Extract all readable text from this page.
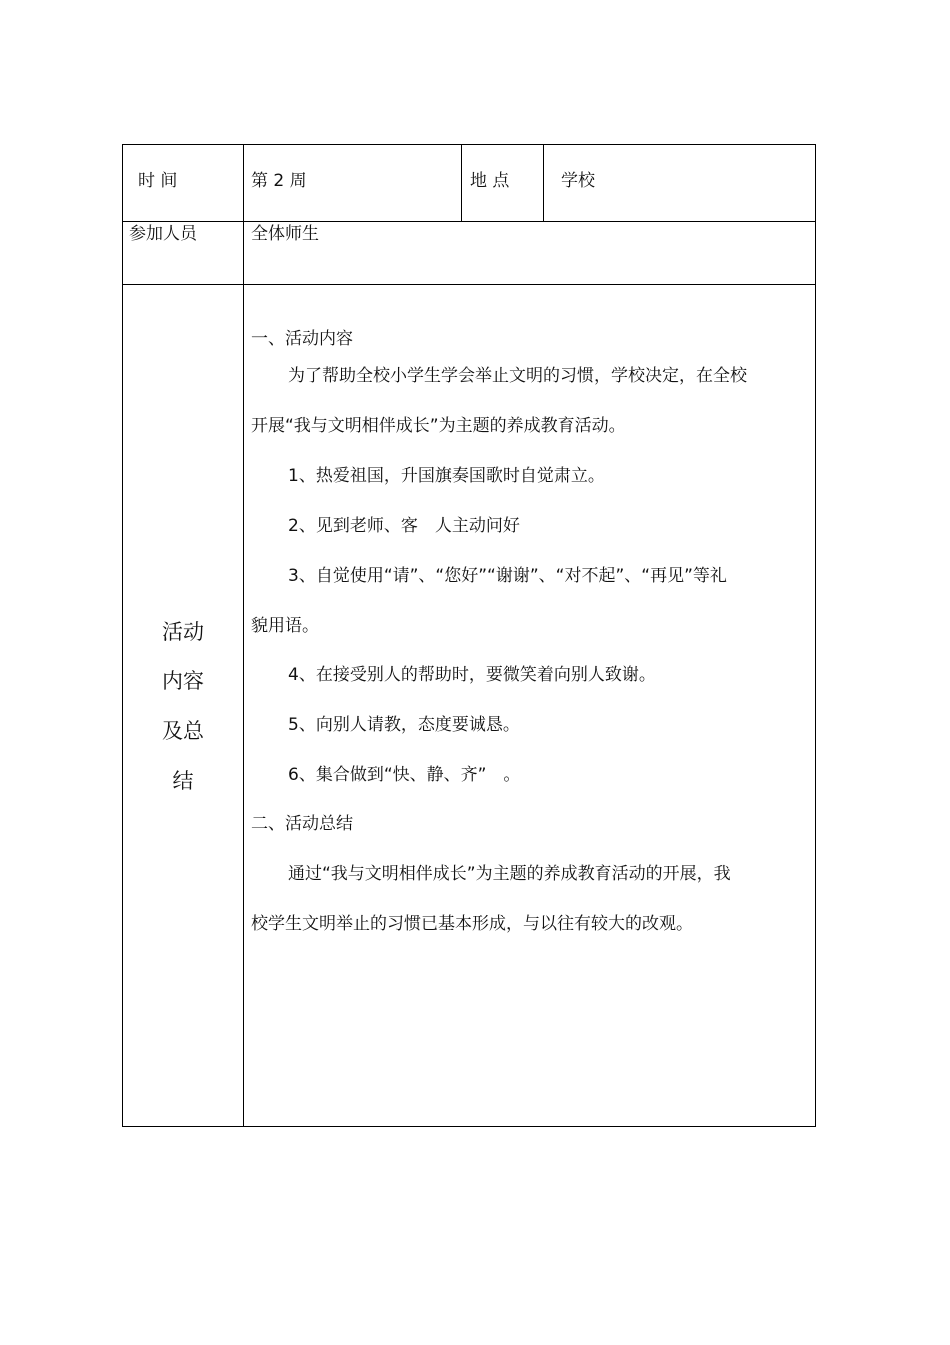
时 间	第 2 周	地 点	学校
参加人员	全体师生
活动
内容
及总
结
一、活动内容
为了帮助全校小学生学会举止文明的习惯，学校决定，在全校
开展“我与文明相伴成长”为主题的养成教育活动。
1、热爱祖国，升国旗奏国歌时自觉肃立。
2、见到老师、客　人主动问好
3、自觉使用“请”、“您好”“谢谢”、“对不起”、“再见”等礼
貌用语。
4、在接受别人的帮助时，要微笑着向别人致谢。
5、向别人请教，态度要诚恳。
6、集合做到“快、静、齐”　。
二、活动总结
通过“我与文明相伴成长”为主题的养成教育活动的开展，我
校学生文明举止的习惯已基本形成，与以往有较大的改观。
